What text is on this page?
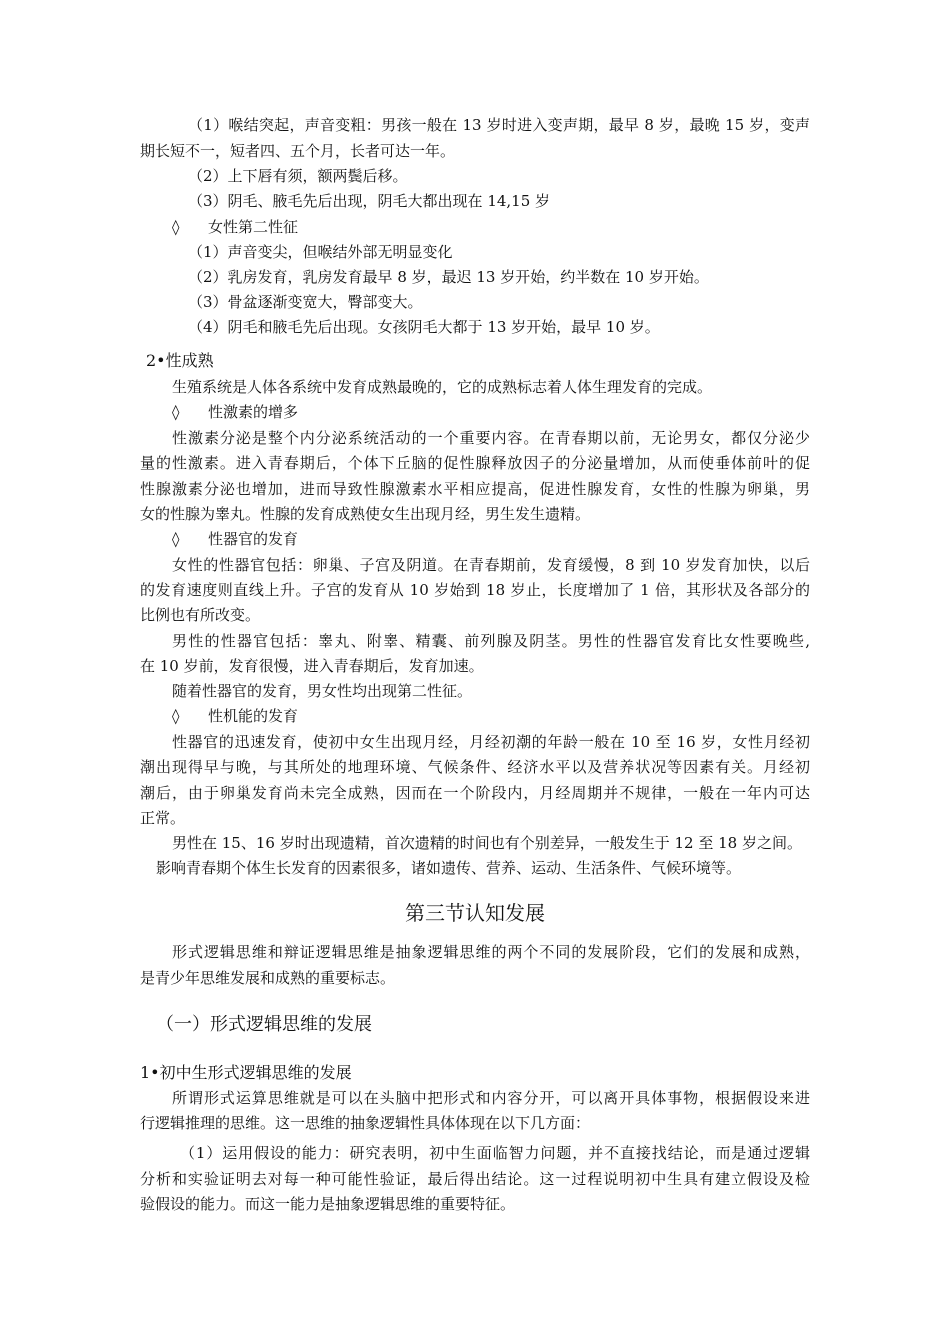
（1）喉结突起，声音变粗：男孩一般在 13 岁时进入变声期，最早 8 岁，最晚 15 岁，变声
期长短不一，短者四、五个月，长者可达一年。
（2）上下唇有须，额两鬓后移。
（3）阴毛、腋毛先后出现，阴毛大都出现在 14,15 岁
◊ 女性第二性征
（1）声音变尖，但喉结外部无明显变化
（2）乳房发育，乳房发育最早 8 岁，最迟 13 岁开始，约半数在 10 岁开始。
（3）骨盆逐渐变宽大，臀部变大。
（4）阴毛和腋毛先后出现。女孩阴毛大都于 13 岁开始，最早 10 岁。
2•性成熟
生殖系统是人体各系统中发育成熟最晚的，它的成熟标志着人体生理发育的完成。
◊ 性激素的增多
性激素分泌是整个内分泌系统活动的一个重要内容。在青春期以前，无论男女，都仅分泌少
量的性激素。进入青春期后，个体下丘脑的促性腺释放因子的分泌量增加，从而使垂体前叶的促
性腺激素分泌也增加，进而导致性腺激素水平相应提高，促进性腺发育，女性的性腺为卵巢，男
女的性腺为睾丸。性腺的发育成熟使女生出现月经，男生发生遗精。
◊ 性器官的发育
女性的性器官包括：卵巢、子宫及阴道。在青春期前，发育缓慢，8 到 10 岁发育加快，以后
的发育速度则直线上升。子宫的发育从 10 岁始到 18 岁止，长度增加了 1 倍，其形状及各部分的
比例也有所改变。
男性的性器官包括：睾丸、附睾、精囊、前列腺及阴茎。男性的性器官发育比女性要晚些,
在 10 岁前，发育很慢，进入青春期后，发育加速。
随着性器官的发育，男女性均出现第二性征。
◊ 性机能的发育
性器官的迅速发育，使初中女生出现月经，月经初潮的年龄一般在 10 至 16 岁，女性月经初
潮出现得早与晚，与其所处的地理环境、气候条件、经济水平以及营养状况等因素有关。月经初
潮后，由于卵巢发育尚未完全成熟，因而在一个阶段内，月经周期并不规律，一般在一年内可达
正常。
男性在 15、16 岁时出现遗精，首次遗精的时间也有个别差异，一般发生于 12 至 18 岁之间。
影响青春期个体生长发育的因素很多，诸如遗传、营养、运动、生活条件、气候环境等。
第三节认知发展
形式逻辑思维和辩证逻辑思维是抽象逻辑思维的两个不同的发展阶段，它们的发展和成熟，
是青少年思维发展和成熟的重要标志。
（一）形式逻辑思维的发展
1•初中生形式逻辑思维的发展
所谓形式运算思维就是可以在头脑中把形式和内容分开，可以离开具体事物，根据假设来进
行逻辑推理的思维。这一思维的抽象逻辑性具体体现在以下几方面：
（1）运用假设的能力：研究表明，初中生面临智力问题，并不直接找结论，而是通过逻辑
分析和实验证明去对每一种可能性验证，最后得出结论。这一过程说明初中生具有建立假设及检
验假设的能力。而这一能力是抽象逻辑思维的重要特征。
